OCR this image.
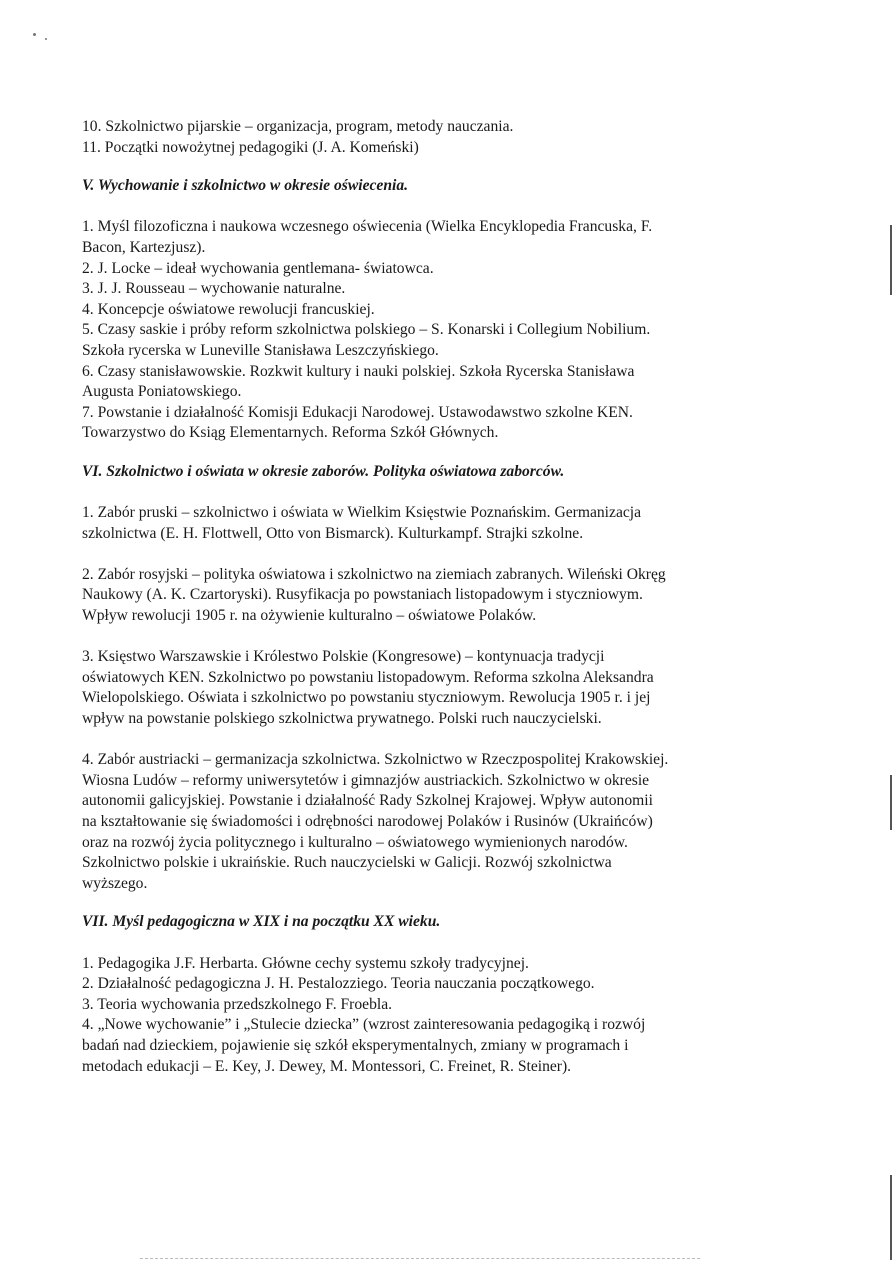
10. Szkolnictwo pijarskie – organizacja, program, metody nauczania.
11. Początki nowożytnej pedagogiki (J. A. Komeński)
V. Wychowanie i szkolnictwo w okresie oświecenia.
1. Myśl filozoficzna i naukowa wczesnego oświecenia (Wielka Encyklopedia Francuska, F.
Bacon, Kartezjusz).
2. J. Locke – ideał wychowania gentlemana- światowca.
3. J. J. Rousseau – wychowanie naturalne.
4. Koncepcje oświatowe rewolucji francuskiej.
5. Czasy saskie i próby reform szkolnictwa polskiego – S. Konarski i Collegium Nobilium.
Szkoła rycerska w Luneville Stanisława Leszczyńskiego.
6. Czasy stanisławowskie. Rozkwit kultury i nauki polskiej. Szkoła Rycerska Stanisława
Augusta Poniatowskiego.
7. Powstanie i działalność Komisji Edukacji Narodowej. Ustawodawstwo szkolne KEN.
Towarzystwo do Ksiąg Elementarnych. Reforma Szkół Głównych.
VI. Szkolnictwo i oświata w okresie zaborów. Polityka oświatowa zaborców.
1. Zabór pruski – szkolnictwo i oświata w Wielkim Księstwie Poznańskim. Germanizacja
szkolnictwa (E. H. Flottwell, Otto von Bismarck). Kulturkampf. Strajki szkolne.
2. Zabór rosyjski – polityka oświatowa i szkolnictwo na ziemiach zabranych. Wileński Okręg
Naukowy (A. K. Czartoryski). Rusyfikacja po powstaniach listopadowym i styczniowym.
Wpływ rewolucji 1905 r. na ożywienie kulturalno – oświatowe Polaków.
3. Księstwo Warszawskie i Królestwo Polskie (Kongresowe) – kontynuacja tradycji
oświatowych KEN. Szkolnictwo po powstaniu listopadowym. Reforma szkolna Aleksandra
Wielopolskiego. Oświata i szkolnictwo po powstaniu styczniowym. Rewolucja 1905 r. i jej
wpływ na powstanie polskiego szkolnictwa prywatnego. Polski ruch nauczycielski.
4. Zabór austriacki – germanizacja szkolnictwa. Szkolnictwo w Rzeczpospolitej Krakowskiej.
Wiosna Ludów – reformy uniwersytetów i gimnazjów austriackich. Szkolnictwo w okresie
autonomii galicyjskiej. Powstanie i działalność Rady Szkolnej Krajowej. Wpływ autonomii
na kształtowanie się świadomości i odrębności narodowej Polaków i Rusinów (Ukraińców)
oraz na rozwój życia politycznego i kulturalno – oświatowego wymienionych narodów.
Szkolnictwo polskie i ukraińskie. Ruch nauczycielski w Galicji. Rozwój szkolnictwa
wyższego.
VII. Myśl pedagogiczna w XIX i na początku XX wieku.
1. Pedagogika J.F. Herbarta. Główne cechy systemu szkoły tradycyjnej.
2. Działalność pedagogiczna J. H. Pestalozziego. Teoria nauczania początkowego.
3. Teoria wychowania przedszkolnego F. Froebla.
4. „Nowe wychowanie” i „Stulecie dziecka” (wzrost zainteresowania pedagogiką i rozwój
badań nad dzieckiem, pojawienie się szkół eksperymentalnych, zmiany w programach i
metodach edukacji – E. Key, J. Dewey, M. Montessori, C. Freinet, R. Steiner).
